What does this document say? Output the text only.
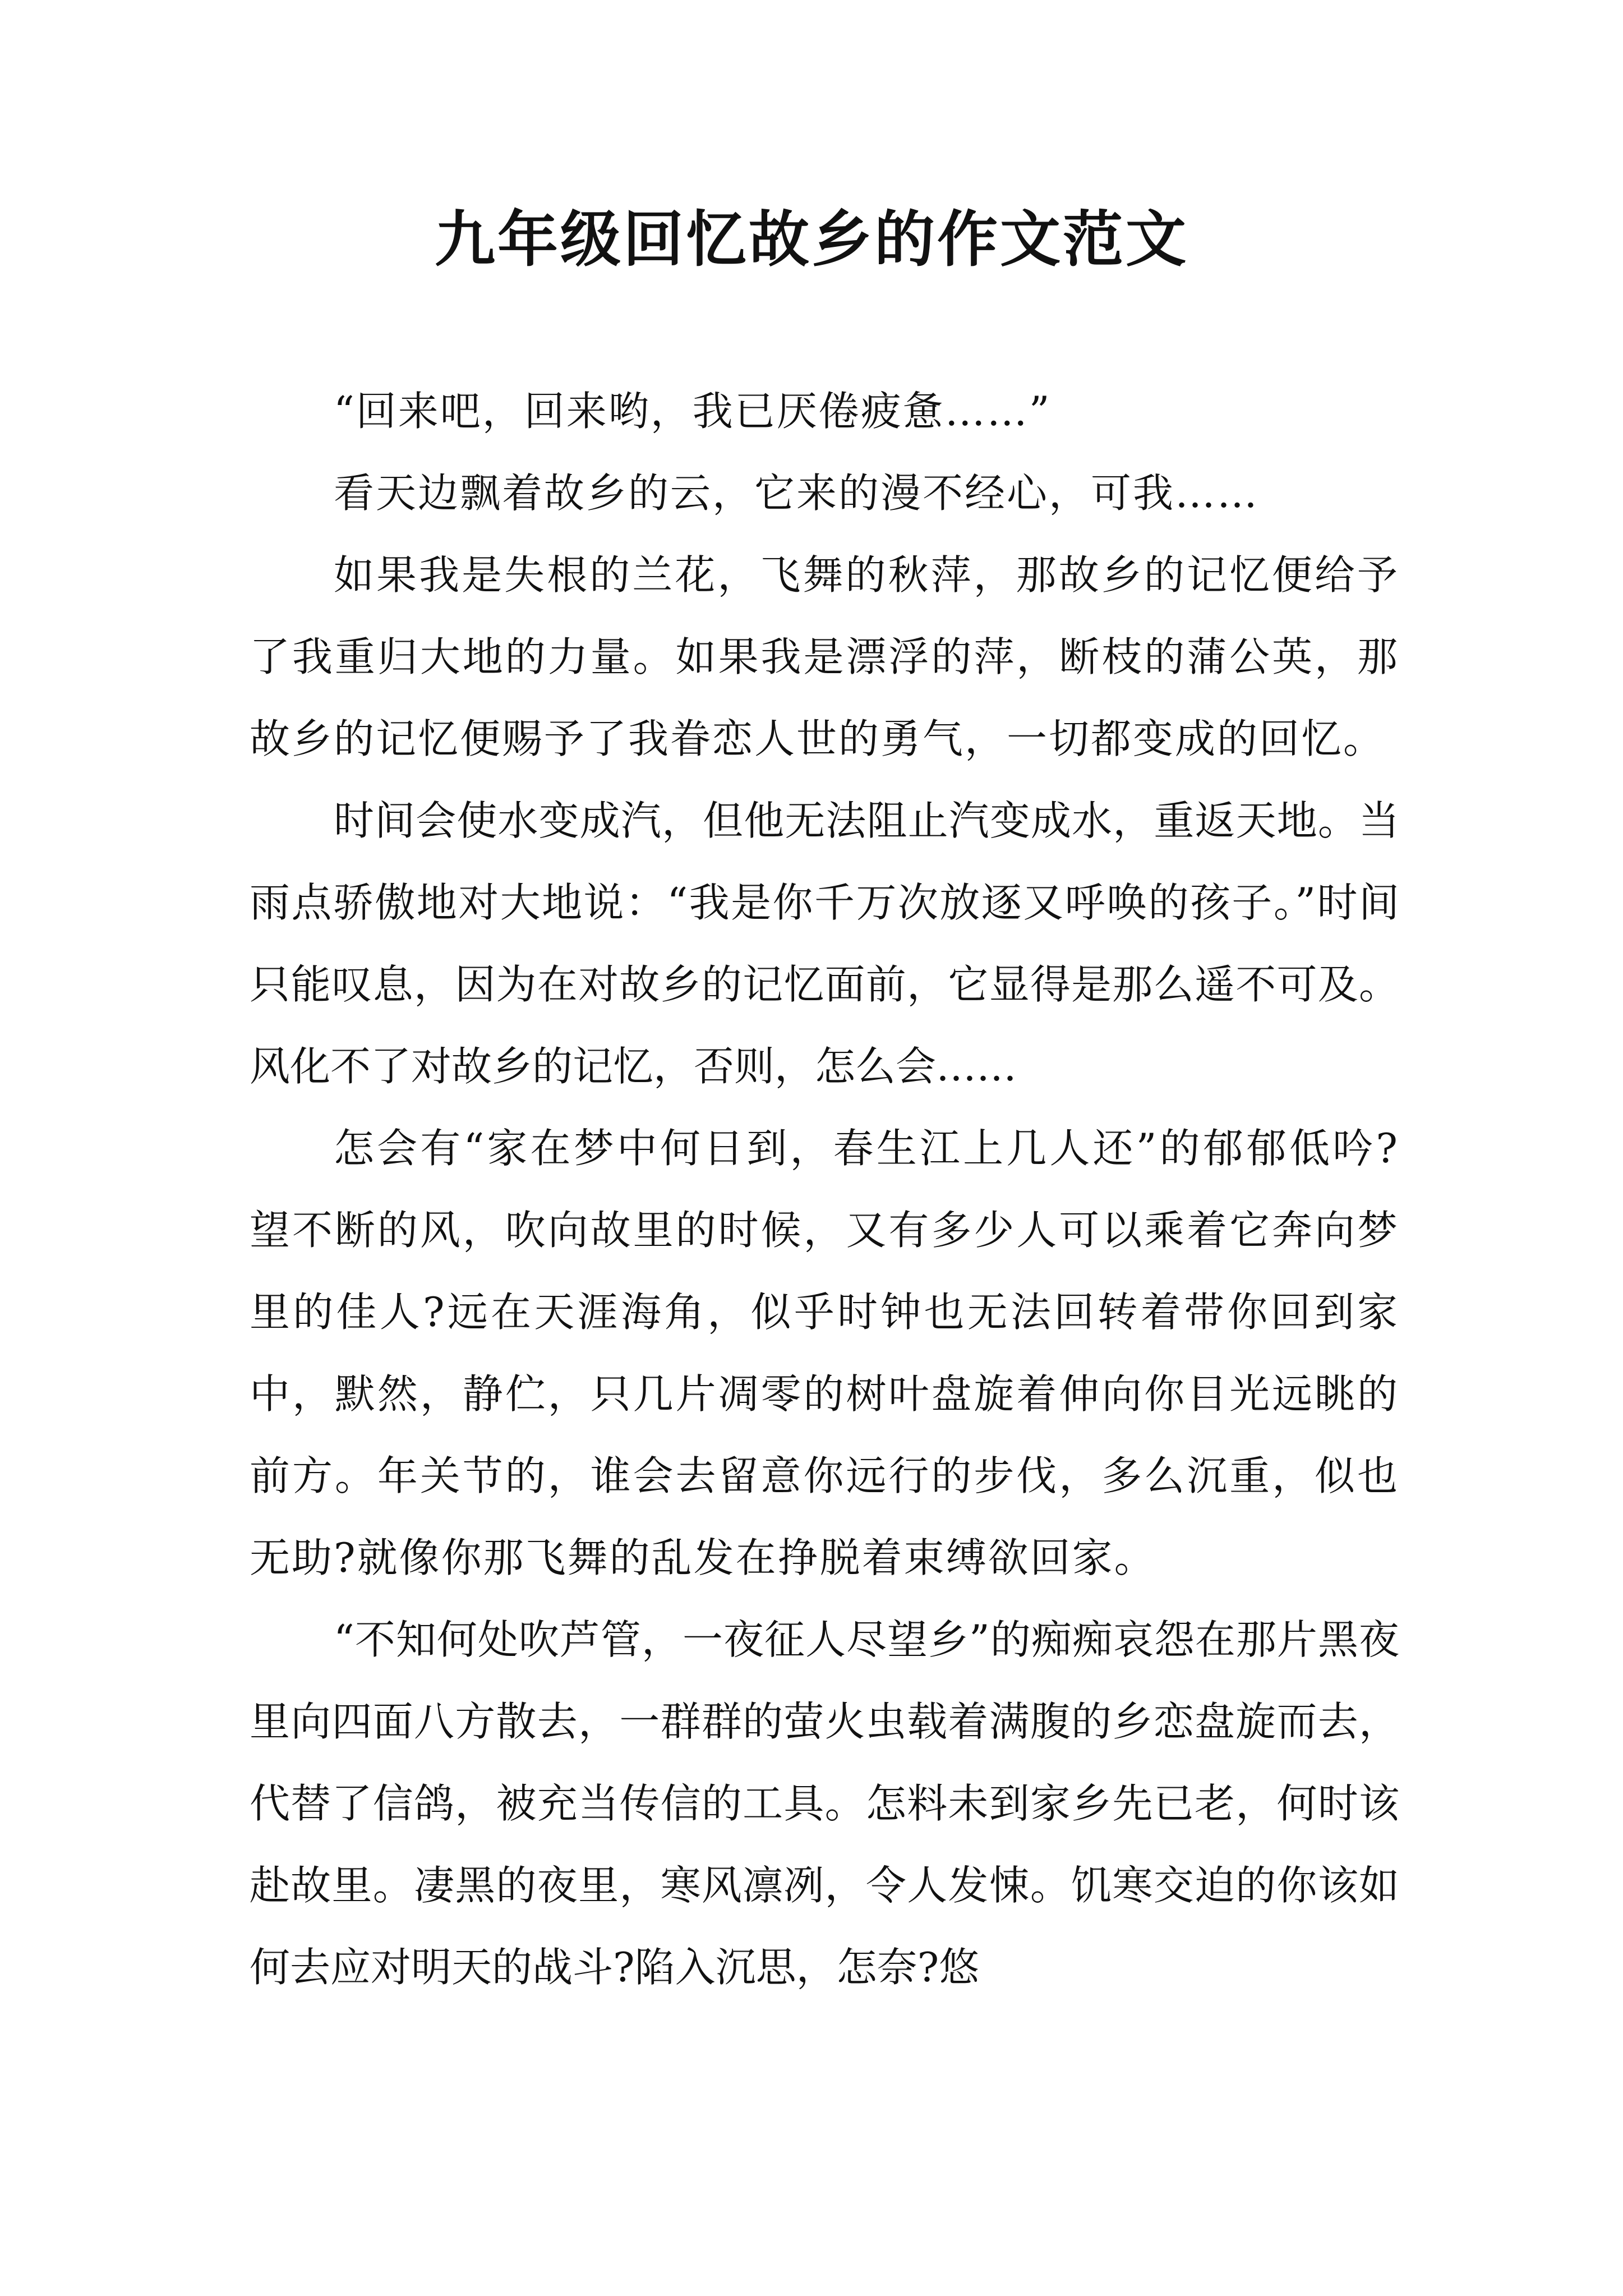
九年级回忆故乡的作文范文

“回来吧，回来哟，我已厌倦疲惫……”

看天边飘着故乡的云，它来的漫不经心，可我……

如果我是失根的兰花，飞舞的秋萍，那故乡的记忆便给予了我重归大地的力量。如果我是漂浮的萍，断枝的蒲公英，那故乡的记忆便赐予了我眷恋人世的勇气，一切都变成的回忆。

时间会使水变成汽，但他无法阻止汽变成水，重返天地。当雨点骄傲地对大地说：“我是你千万次放逐又呼唤的孩子。”时间只能叹息，因为在对故乡的记忆面前，它显得是那么遥不可及。风化不了对故乡的记忆，否则，怎么会……

怎会有“家在梦中何日到，春生江上几人还”的郁郁低吟?望不断的风，吹向故里的时候，又有多少人可以乘着它奔向梦里的佳人?远在天涯海角，似乎时钟也无法回转着带你回到家中，默然，静伫，只几片凋零的树叶盘旋着伸向你目光远眺的前方。年关节的，谁会去留意你远行的步伐，多么沉重，似也无助?就像你那飞舞的乱发在挣脱着束缚欲回家。

“不知何处吹芦管，一夜征人尽望乡”的痴痴哀怨在那片黑夜里向四面八方散去，一群群的萤火虫载着满腹的乡恋盘旋而去，代替了信鸽，被充当传信的工具。怎料未到家乡先已老，何时该赴故里。凄黑的夜里，寒风凛冽，令人发悚。饥寒交迫的你该如何去应对明天的战斗?陷入沉思，怎奈?悠
